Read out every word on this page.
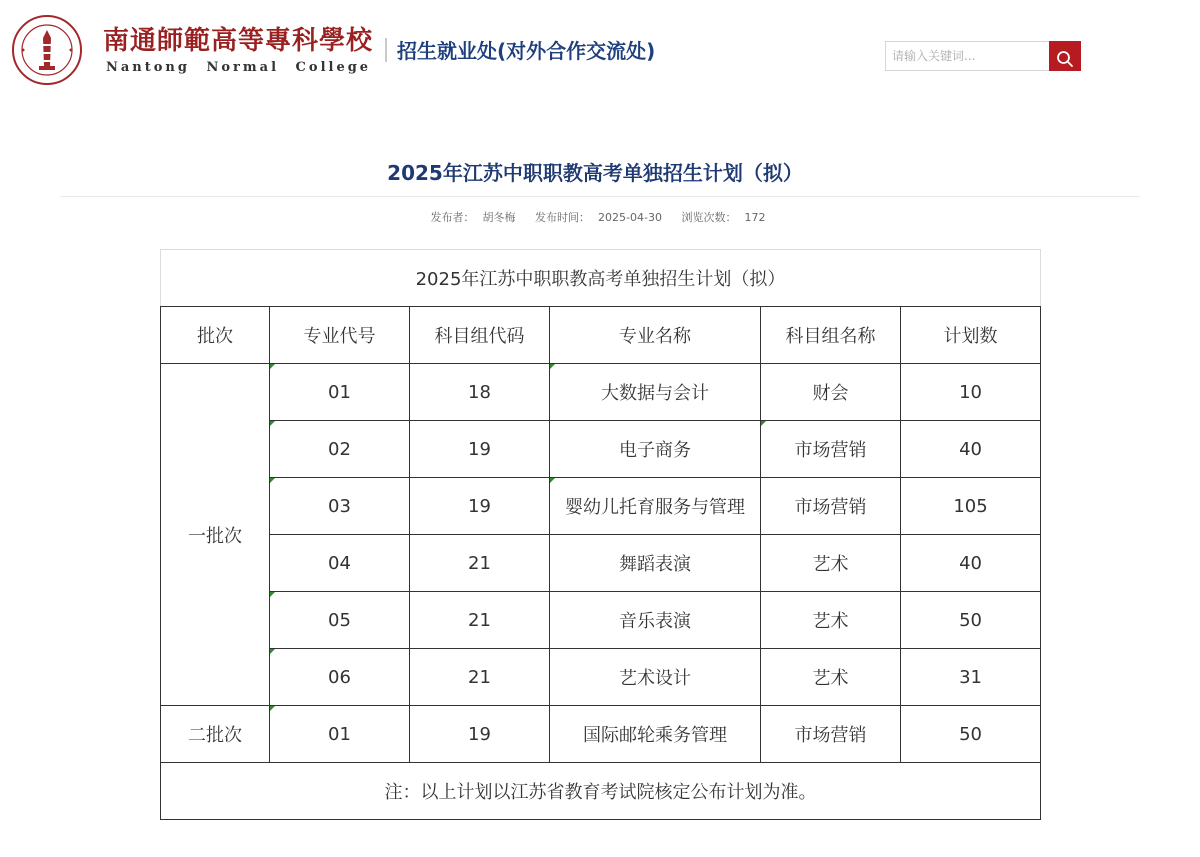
南通師範高等專科學校
Nantong Normal College
招生就业处(对外合作交流处)
请输入关键词...
2025年江苏中职职教高考单独招生计划（拟）
发布者： 胡冬梅 发布时间： 2025-04-30 浏览次数： 172
2025年江苏中职职教高考单独招生计划（拟）					
批次	专业代号	科目组代码	专业名称	科目组名称	计划数
一批次	01	18	大数据与会计	财会	10
	02	19	电子商务	市场营销	40
	03	19	婴幼儿托育服务与管理	市场营销	105
	04	21	舞蹈表演	艺术	40
	05	21	音乐表演	艺术	50
	06	21	艺术设计	艺术	31
二批次	01	19	国际邮轮乘务管理	市场营销	50
注：以上计划以江苏省教育考试院核定公布计划为准。					
